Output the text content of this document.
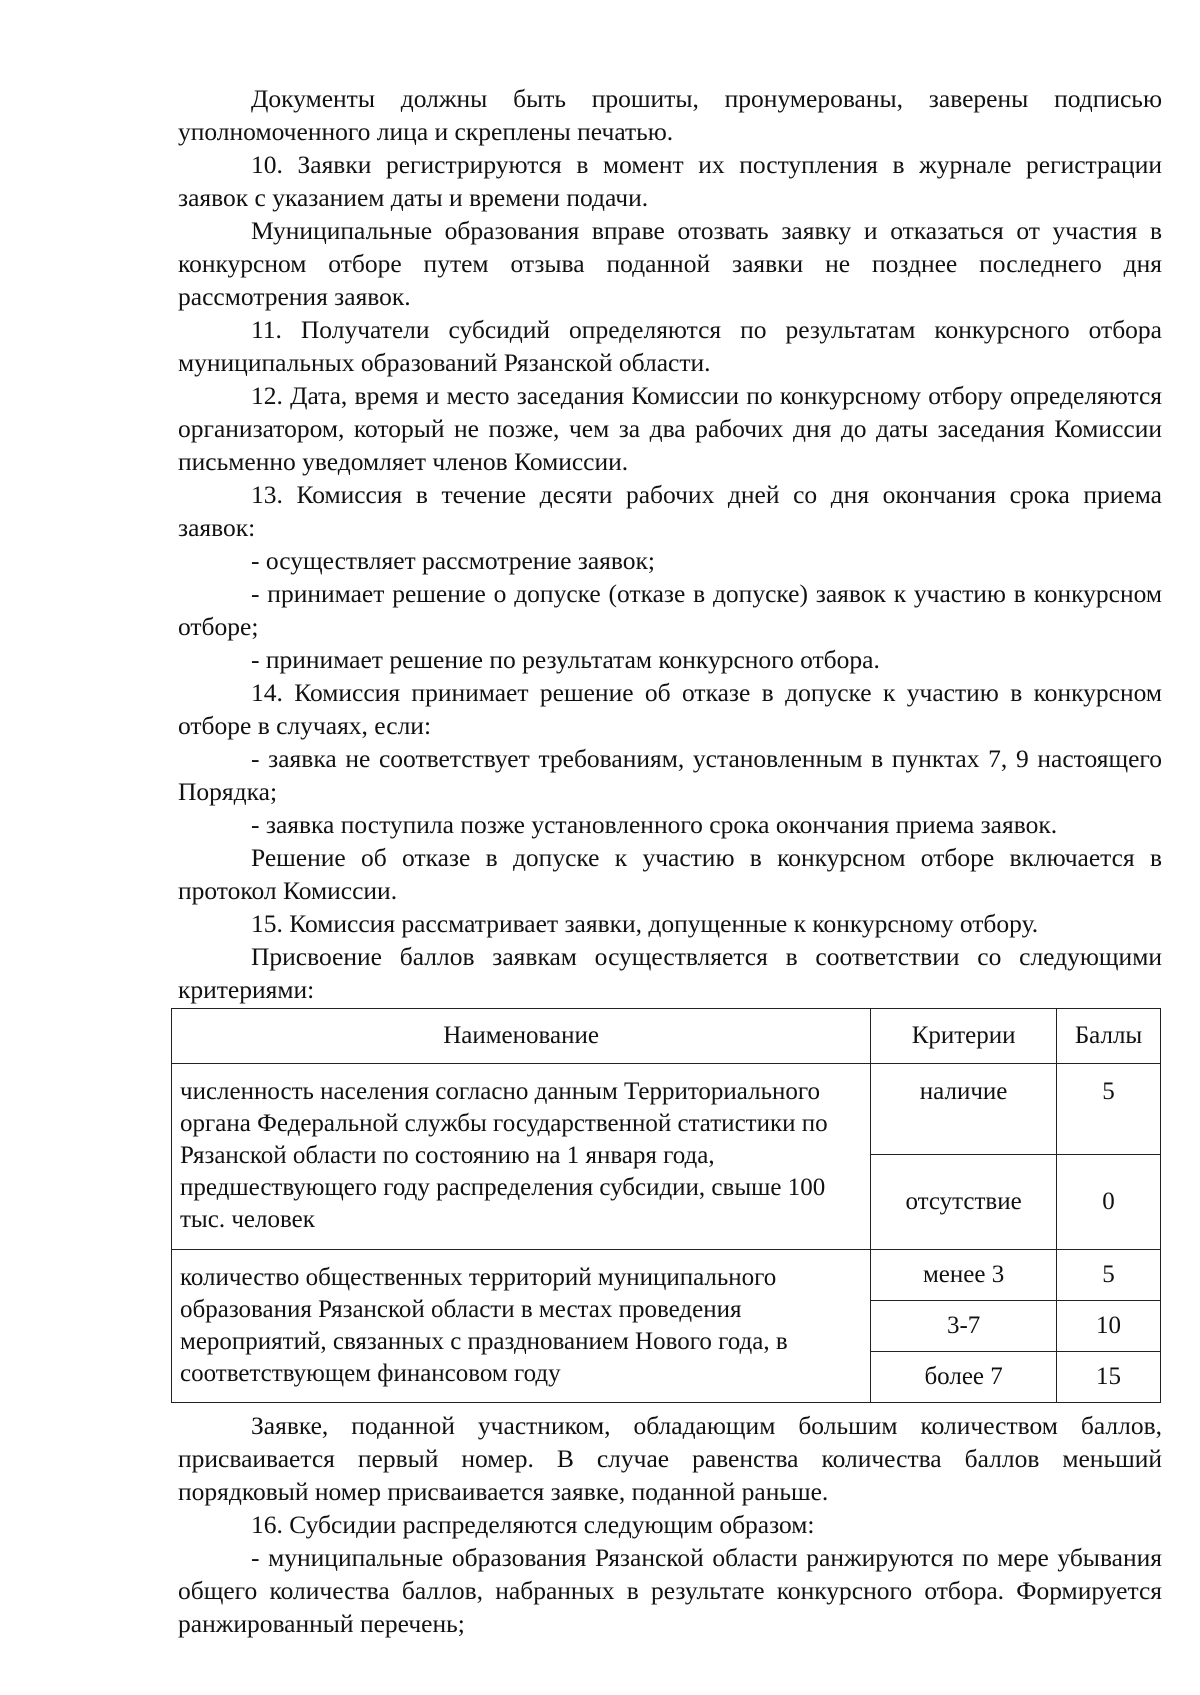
Документы должны быть прошиты, пронумерованы, заверены подписью уполномоченного лица и скреплены печатью.

10. Заявки регистрируются в момент их поступления в журнале регистрации заявок с указанием даты и времени подачи.

Муниципальные образования вправе отозвать заявку и отказаться от участия в конкурсном отборе путем отзыва поданной заявки не позднее последнего дня рассмотрения заявок.

11. Получатели субсидий определяются по результатам конкурсного отбора муниципальных образований Рязанской области.

12. Дата, время и место заседания Комиссии по конкурсному отбору определяются организатором, который не позже, чем за два рабочих дня до даты заседания Комиссии письменно уведомляет членов Комиссии.

13. Комиссия в течение десяти рабочих дней со дня окончания срока приема заявок:

- осуществляет рассмотрение заявок;

- принимает решение о допуске (отказе в допуске) заявок к участию в конкурсном отборе;

- принимает решение по результатам конкурсного отбора.

14. Комиссия принимает решение об отказе в допуске к участию в конкурсном отборе в случаях, если:

- заявка не соответствует требованиям, установленным в пунктах 7, 9 настоящего Порядка;

- заявка поступила позже установленного срока окончания приема заявок.

Решение об отказе в допуске к участию в конкурсном отборе включается в протокол Комиссии.

15. Комиссия рассматривает заявки, допущенные к конкурсному отбору.

Присвоение баллов заявкам осуществляется в соответствии со следующими критериями:

Наименование	Критерии	Баллы
численность населения согласно данным Территориального органа Федеральной службы государственной статистики по Рязанской области по состоянию на 1 января года, предшествующего году распределения субсидии, свыше 100 тыс. человек	наличие	5
	отсутствие	0
количество общественных территорий муниципального образования Рязанской области в местах проведения мероприятий, связанных с празднованием Нового года, в соответствующем финансовом году	менее 3	5
	3-7	10
	более 7	15

Заявке, поданной участником, обладающим большим количеством баллов, присваивается первый номер. В случае равенства количества баллов меньший порядковый номер присваивается заявке, поданной раньше.

16. Субсидии распределяются следующим образом:

- муниципальные образования Рязанской области ранжируются по мере убывания общего количества баллов, набранных в результате конкурсного отбора. Формируется ранжированный перечень;
